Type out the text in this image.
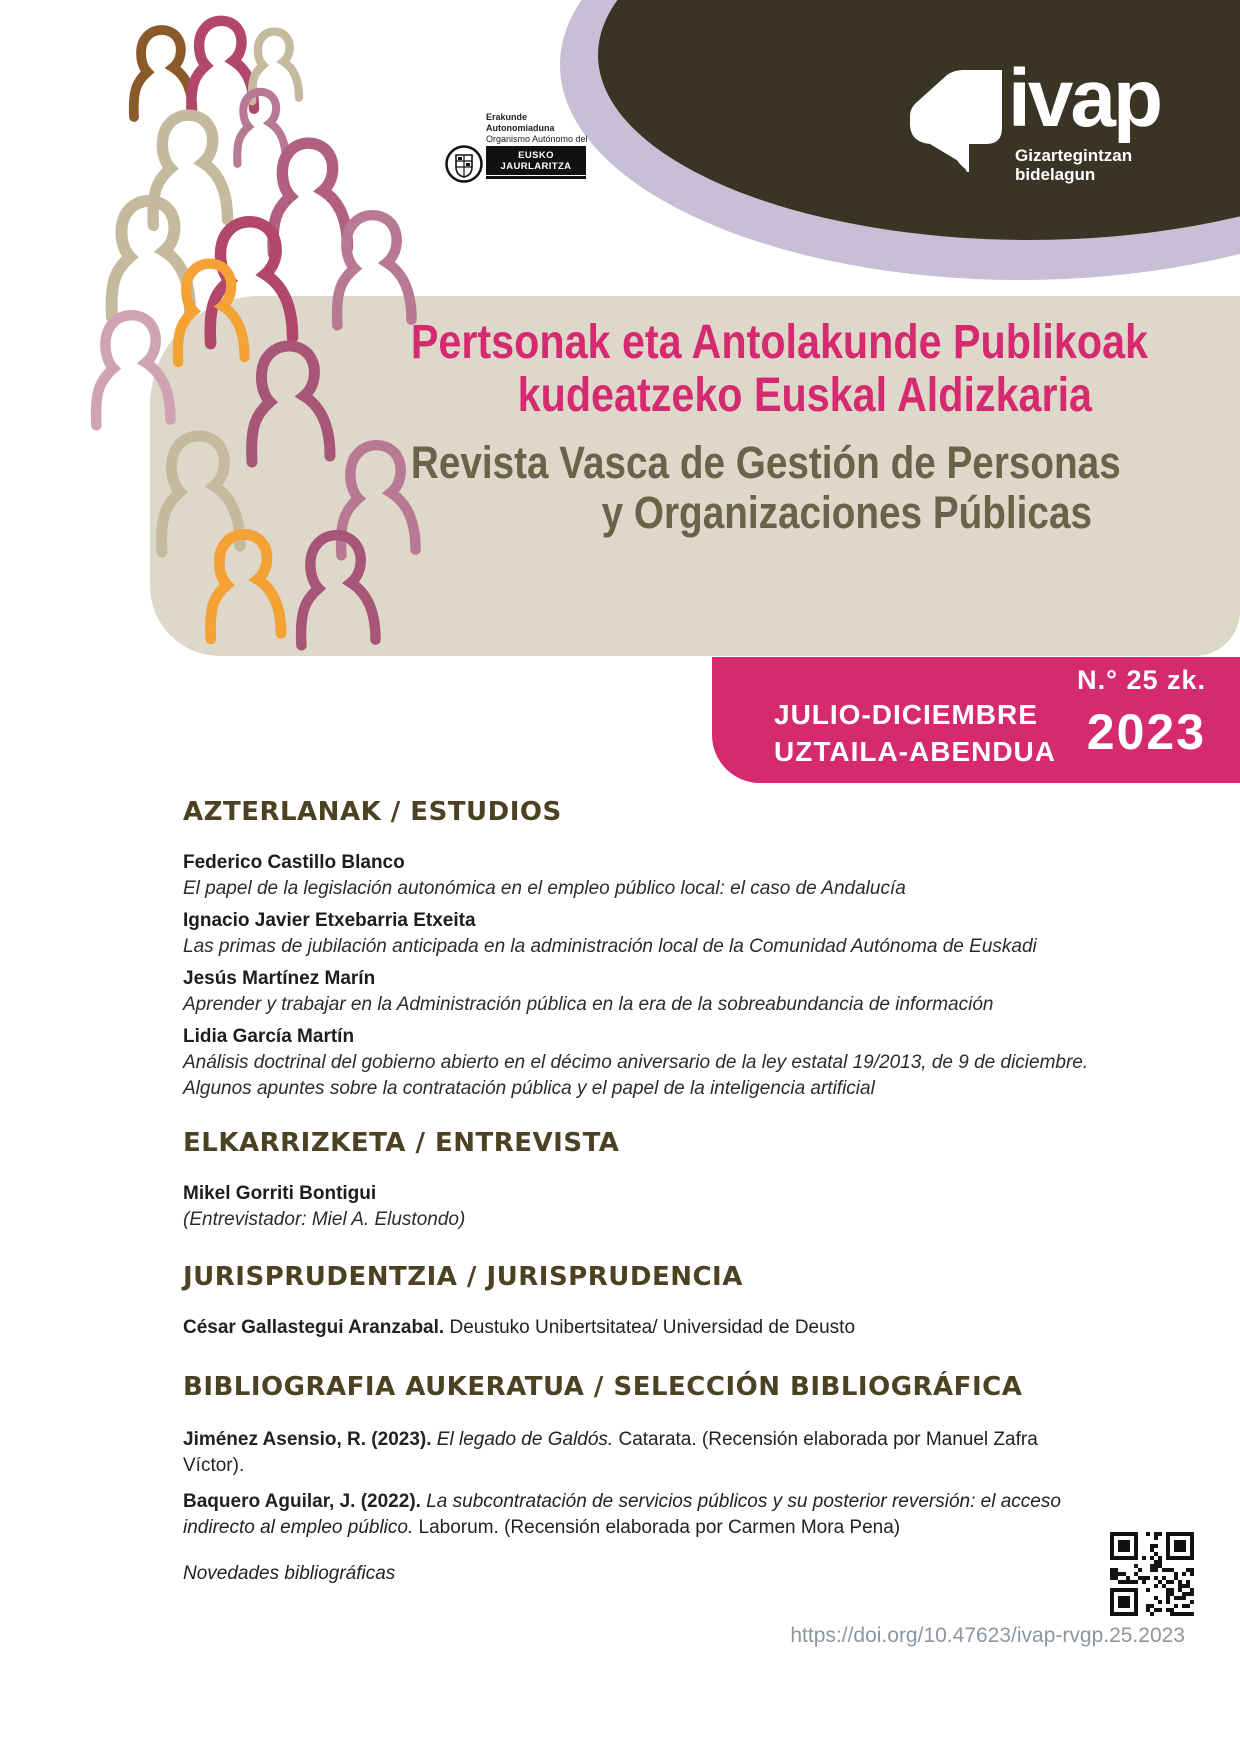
Erakunde Autonomiaduna
Organismo Autónomo del
EUSKO JAURLARITZA
GOBIERNO VASCO
ivap
Gizartegintzan
bidelagun
Pertsonak eta Antolakunde Publikoak
kudeatzeko Euskal Aldizkaria
Revista Vasca de Gestión de Personas
y Organizaciones Públicas
N.° 25 zk.
JULIO-DICIEMBRE
UZTAILA-ABENDUA 2023
AZTERLANAK / ESTUDIOS
Federico Castillo Blanco
El papel de la legislación autonómica en el empleo público local: el caso de Andalucía
Ignacio Javier Etxebarria Etxeita
Las primas de jubilación anticipada en la administración local de la Comunidad Autónoma de Euskadi
Jesús Martínez Marín
Aprender y trabajar en la Administración pública en la era de la sobreabundancia de información
Lidia García Martín
Análisis doctrinal del gobierno abierto en el décimo aniversario de la ley estatal 19/2013, de 9 de diciembre. Algunos apuntes sobre la contratación pública y el papel de la inteligencia artificial
ELKARRIZKETA / ENTREVISTA
Mikel Gorriti Bontigui
(Entrevistador: Miel A. Elustondo)
JURISPRUDENTZIA / JURISPRUDENCIA
César Gallastegui Aranzabal. Deustuko Unibertsitatea/ Universidad de Deusto
BIBLIOGRAFIA AUKERATUA / SELECCIÓN BIBLIOGRÁFICA
Jiménez Asensio, R. (2023). El legado de Galdós. Catarata. (Recensión elaborada por Manuel Zafra Víctor).
Baquero Aguilar, J. (2022). La subcontratación de servicios públicos y su posterior reversión: el acceso indirecto al empleo público. Laborum. (Recensión elaborada por Carmen Mora Pena)
Novedades bibliográficas
https://doi.org/10.47623/ivap-rvgp.25.2023
